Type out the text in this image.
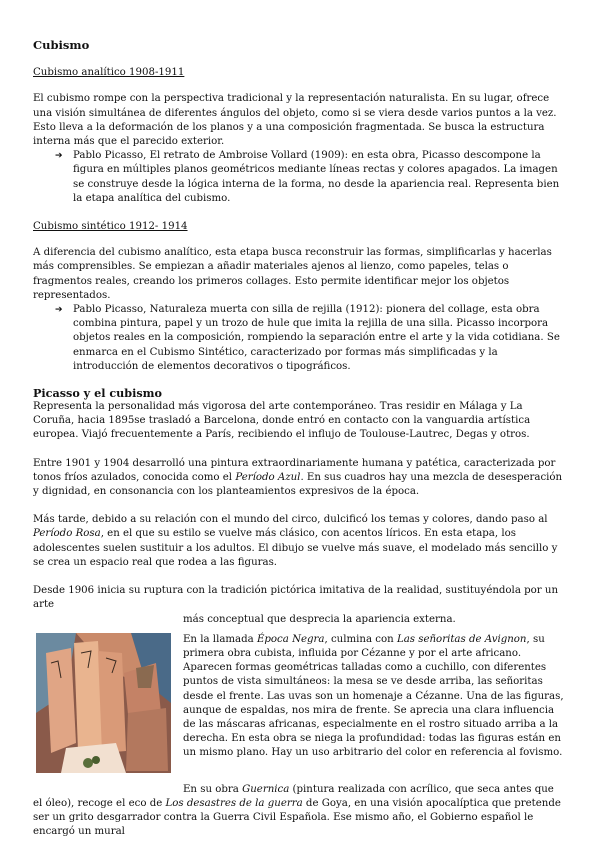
Cubismo

Cubismo analítico 1908-1911

El cubismo rompe con la perspectiva tradicional y la representación naturalista. En su lugar, ofrece una visión simultánea de diferentes ángulos del objeto, como si se viera desde varios puntos a la vez. Esto lleva a la deformación de los planos y a una composición fragmentada. Se busca la estructura interna más que el parecido exterior.

➔ Pablo Picasso, El retrato de Ambroise Vollard (1909): en esta obra, Picasso descompone la figura en múltiples planos geométricos mediante líneas rectas y colores apagados. La imagen se construye desde la lógica interna de la forma, no desde la apariencia real. Representa bien la etapa analítica del cubismo.

Cubismo sintético 1912- 1914

A diferencia del cubismo analítico, esta etapa busca reconstruir las formas, simplificarlas y hacerlas más comprensibles. Se empiezan a añadir materiales ajenos al lienzo, como papeles, telas o fragmentos reales, creando los primeros collages. Esto permite identificar mejor los objetos representados.

➔ Pablo Picasso, Naturaleza muerta con silla de rejilla (1912): pionera del collage, esta obra combina pintura, papel y un trozo de hule que imita la rejilla de una silla. Picasso incorpora objetos reales en la composición, rompiendo la separación entre el arte y la vida cotidiana. Se enmarca en el Cubismo Sintético, caracterizado por formas más simplificadas y la introducción de elementos decorativos o tipográficos.

Picasso y el cubismo

Representa la personalidad más vigorosa del arte contemporáneo. Tras residir en Málaga y La Coruña, hacia 1895se trasladó a Barcelona, donde entró en contacto con la vanguardia artística europea. Viajó frecuentemente a París, recibiendo el influjo de Toulouse-Lautrec, Degas y otros.

Entre 1901 y 1904 desarrolló una pintura extraordinariamente humana y patética, caracterizada por tonos fríos azulados, conocida como el Período Azul. En sus cuadros hay una mezcla de desesperación y dignidad, en consonancia con los planteamientos expresivos de la época.

Más tarde, debido a su relación con el mundo del circo, dulcificó los temas y colores, dando paso al Período Rosa, en el que su estilo se vuelve más clásico, con acentos líricos. En esta etapa, los adolescentes suelen sustituir a los adultos. El dibujo se vuelve más suave, el modelado más sencillo y se crea un espacio real que rodea a las figuras.

Desde 1906 inicia su ruptura con la tradición pictórica imitativa de la realidad, sustituyéndola por un arte

más conceptual que desprecia la apariencia externa.

En la llamada Época Negra, culmina con Las señoritas de Avignon, su primera obra cubista, influida por Cézanne y por el arte africano. Aparecen formas geométricas talladas como a cuchillo, con diferentes puntos de vista simultáneos: la mesa se ve desde arriba, las señoritas desde el frente. Las uvas son un homenaje a Cézanne. Una de las figuras, aunque de espaldas, nos mira de frente. Se aprecia una clara influencia de las máscaras africanas, especialmente en el rostro situado arriba a la derecha. En esta obra se niega la profundidad: todas las figuras están en un mismo plano. Hay un uso arbitrario del color en referencia al fovismo.

En su obra Guernica (pintura realizada con acrílico, que seca antes que el óleo), recoge el eco de Los desastres de la guerra de Goya, en una visión apocalíptica que pretende ser un grito desgarrador contra la Guerra Civil Española. Ese mismo año, el Gobierno español le encargó un mural
